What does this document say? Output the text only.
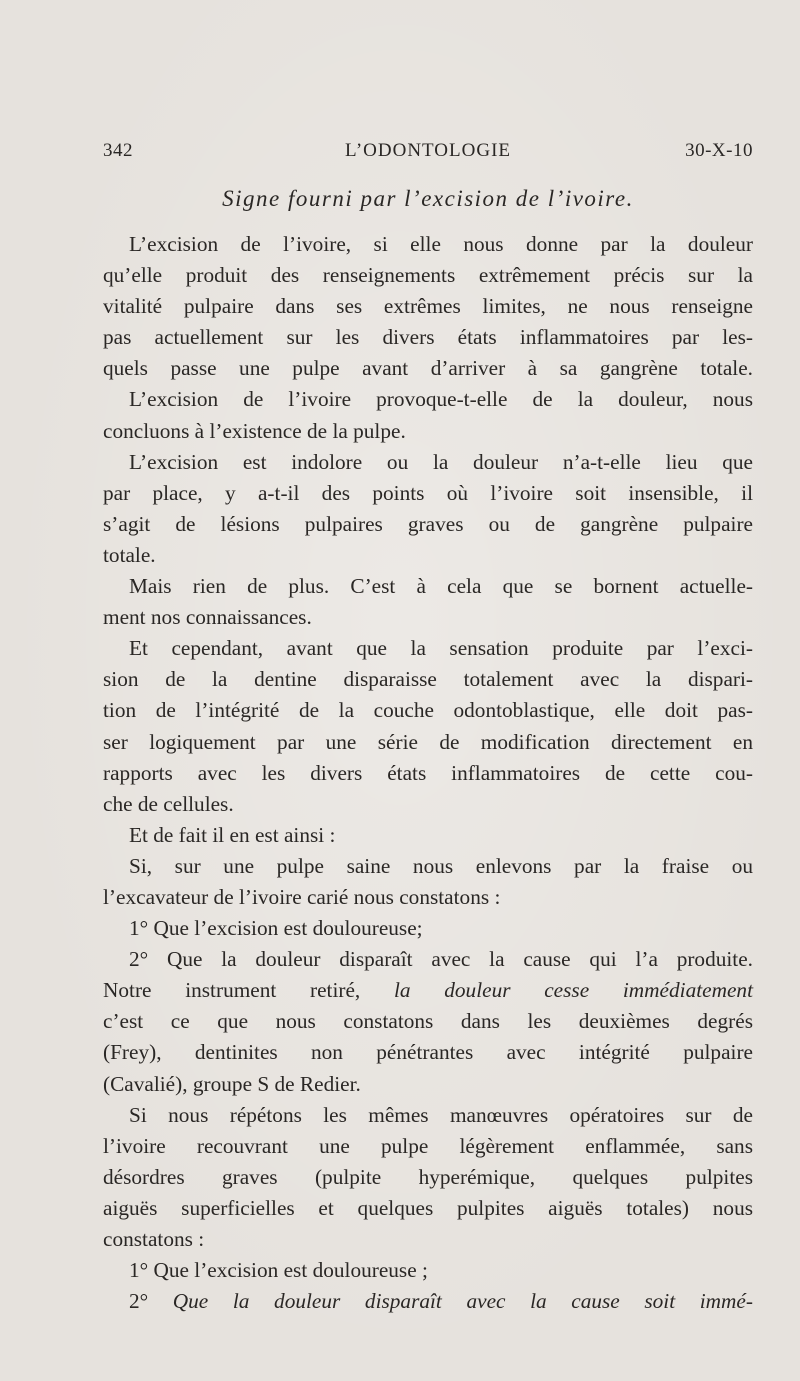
342	L’ODONTOLOGIE	30-X-10
Signe fourni par l’excision de l’ivoire.
L’excision de l’ivoire, si elle nous donne par la douleur
qu’elle produit des renseignements extrêmement précis sur la
vitalité pulpaire dans ses extrêmes limites, ne nous renseigne
pas actuellement sur les divers états inflammatoires par les-
quels passe une pulpe avant d’arriver à sa gangrène totale.
L’excision de l’ivoire provoque-t-elle de la douleur, nous
concluons à l’existence de la pulpe.
L’excision est indolore ou la douleur n’a-t-elle lieu que
par place, y a-t-il des points où l’ivoire soit insensible, il
s’agit de lésions pulpaires graves ou de gangrène pulpaire
totale.
Mais rien de plus. C’est à cela que se bornent actuelle-
ment nos connaissances.
Et cependant, avant que la sensation produite par l’exci-
sion de la dentine disparaisse totalement avec la dispari-
tion de l’intégrité de la couche odontoblastique, elle doit pas-
ser logiquement par une série de modification directement en
rapports avec les divers états inflammatoires de cette cou-
che de cellules.
Et de fait il en est ainsi :
Si, sur une pulpe saine nous enlevons par la fraise ou
l’excavateur de l’ivoire carié nous constatons :
1° Que l’excision est douloureuse;
2° Que la douleur disparaît avec la cause qui l’a produite.
Notre instrument retiré, la douleur cesse immédiatement
c’est ce que nous constatons dans les deuxièmes degrés
(Frey), dentinites non pénétrantes avec intégrité pulpaire
(Cavalié), groupe S de Redier.
Si nous répétons les mêmes manœuvres opératoires sur de
l’ivoire recouvrant une pulpe légèrement enflammée, sans
désordres graves (pulpite hyperémique, quelques pulpites
aiguës superficielles et quelques pulpites aiguës totales) nous
constatons :
1° Que l’excision est douloureuse ;
2° Que la douleur disparaît avec la cause soit immé-
